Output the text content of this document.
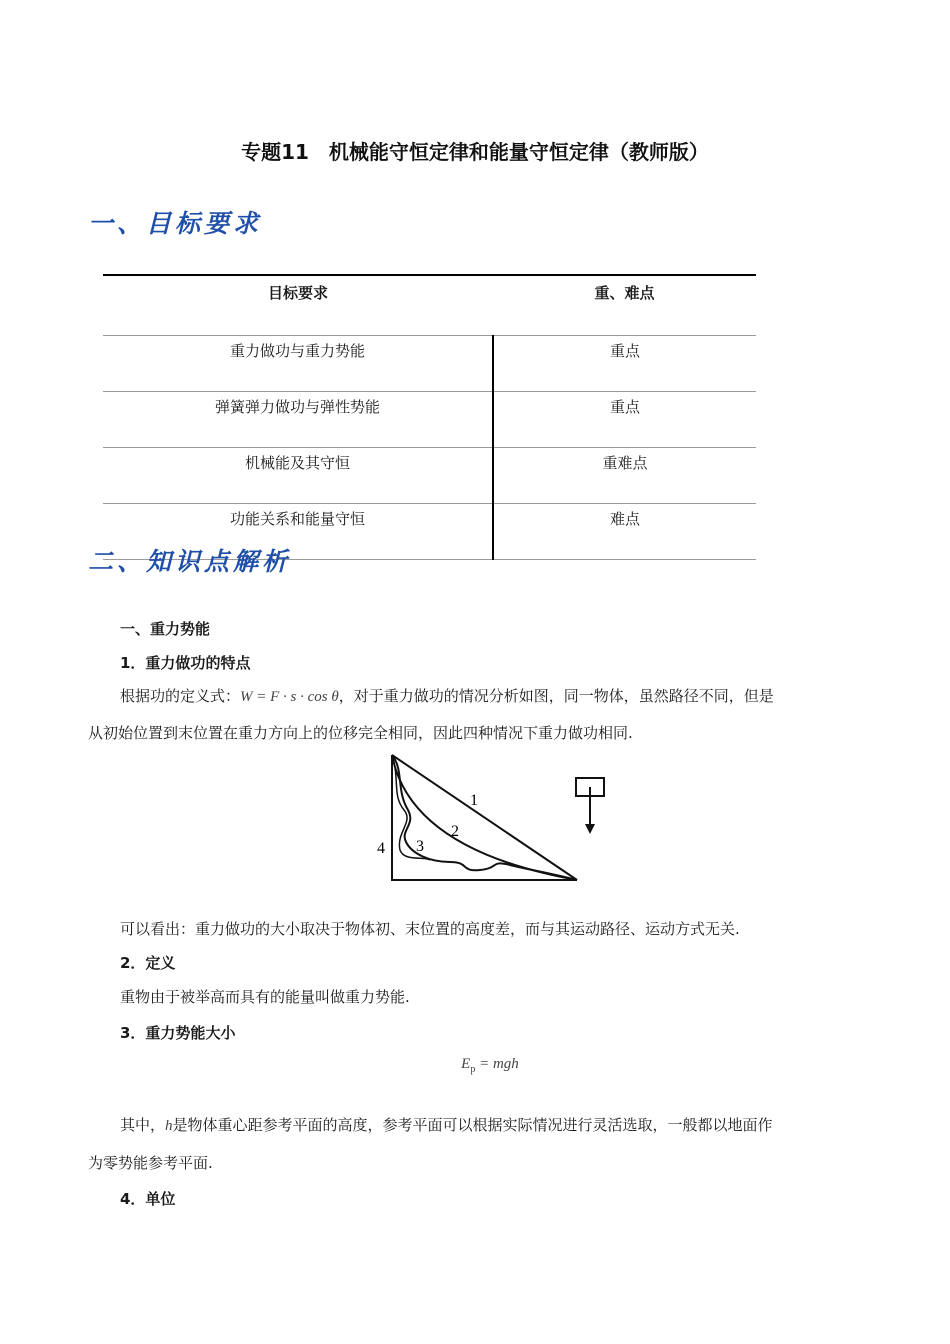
专题11　机械能守恒定律和能量守恒定律（教师版）
一、目标要求
目标要求	重、难点
重力做功与重力势能	重点
弹簧弹力做功与弹性势能	重点
机械能及其守恒	重难点
功能关系和能量守恒	难点
二、知识点解析
一、重力势能
1．重力做功的特点
根据功的定义式：W = F · s · cos θ，对于重力做功的情况分析如图，同一物体，虽然路径不同，但是
从初始位置到末位置在重力方向上的位移完全相同，因此四种情况下重力做功相同.
1
2
3
4
可以看出：重力做功的大小取决于物体初、末位置的高度差，而与其运动路径、运动方式无关.
2．定义
重物由于被举高而具有的能量叫做重力势能.
3．重力势能大小
$E_p$ = mgh
其中，h是物体重心距参考平面的高度，参考平面可以根据实际情况进行灵活选取，一般都以地面作
为零势能参考平面.
4．单位
